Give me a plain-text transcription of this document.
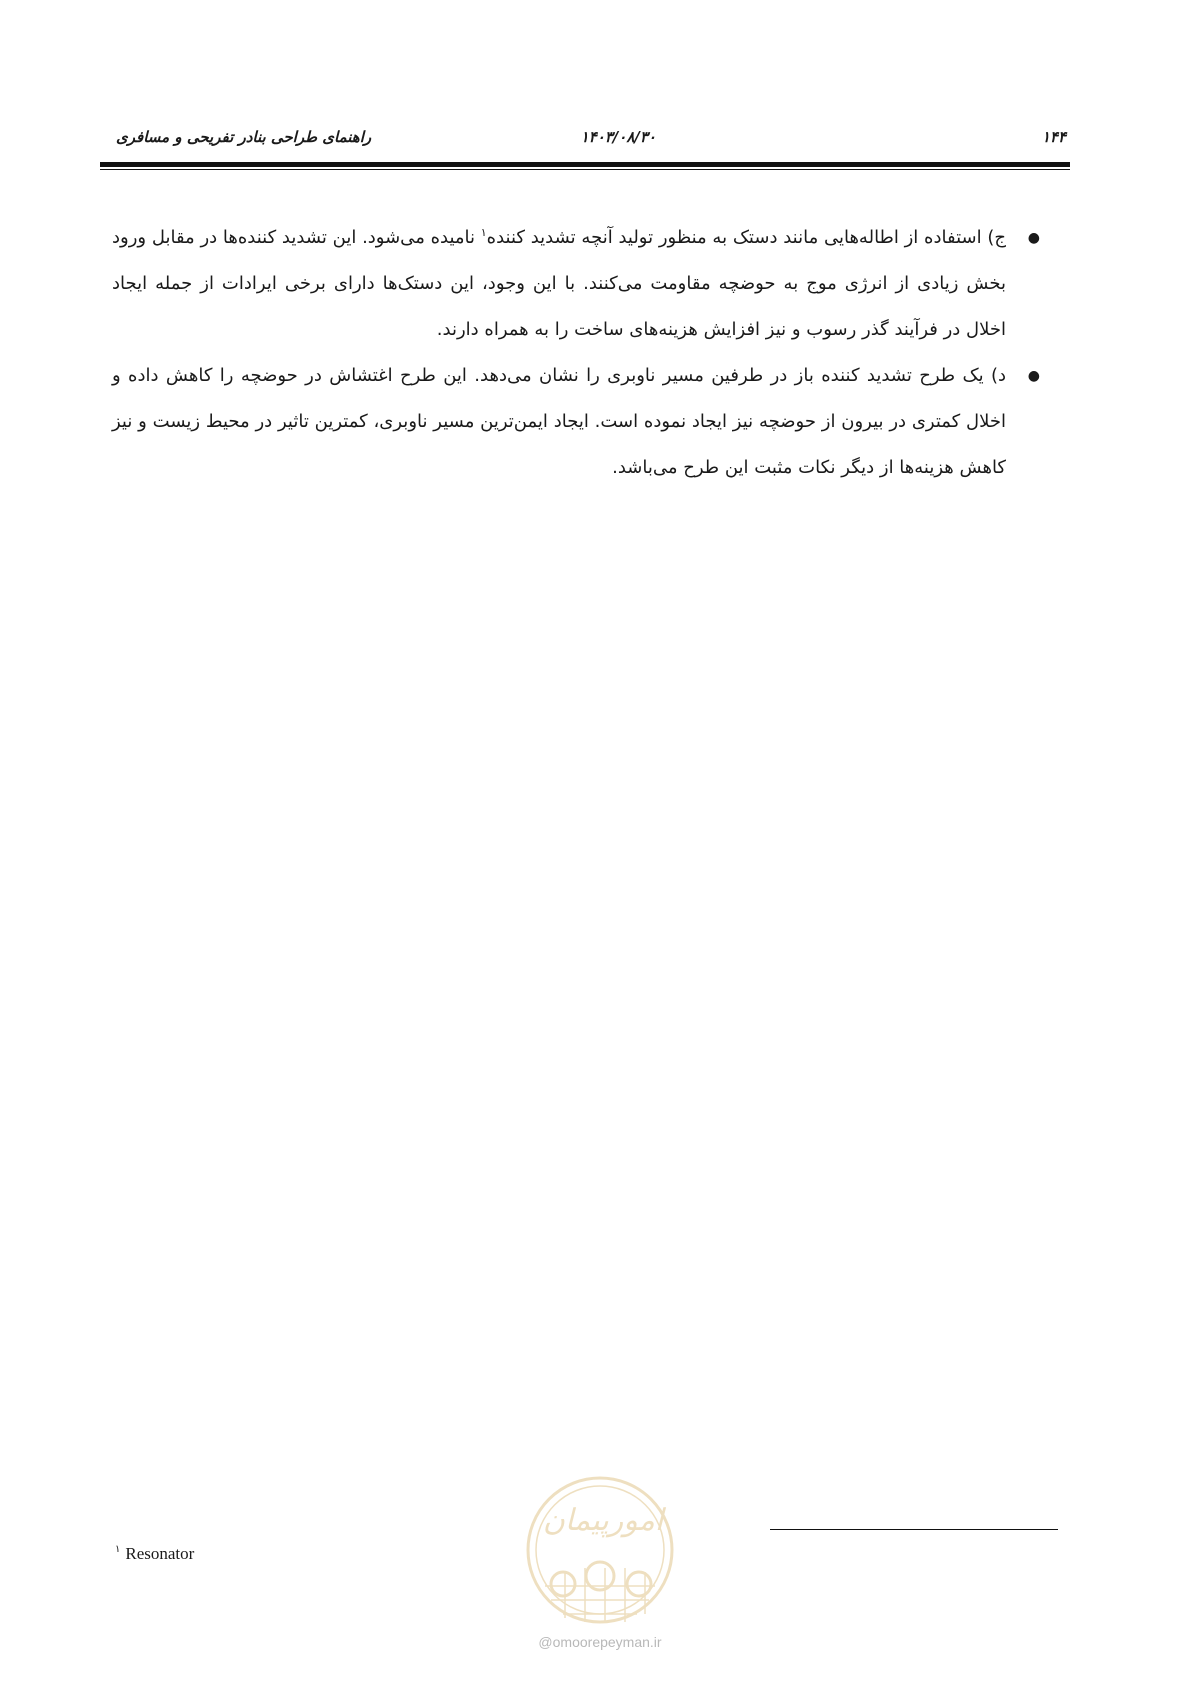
۱۴۴
۱۴۰۳/۰۸/۳۰
راهنمای طراحی بنادر تفریحی و مسافری
●
ج) استفاده از اطاله‌هایی مانند دستک به منظور تولید آنچه تشدید کننده$^۱$ نامیده می‌شود. این تشدید کننده‌ها در مقابل ورود بخش زیادی از انرژی موج به حوضچه مقاومت می‌کنند. با این وجود، این دستک‌ها دارای برخی ایرادات از جمله ایجاد اخلال در فرآیند گذر رسوب و نیز افزایش هزینه‌های ساخت را به همراه دارند.
●
د) یک طرح تشدید کننده باز در طرفین مسیر ناوبری را نشان می‌دهد. این طرح اغتشاش در حوضچه را کاهش داده و اخلال کمتری در بیرون از حوضچه نیز ایجاد نموده است. ایجاد ایمن‌ترین مسیر ناوبری، کمترین تاثیر در محیط زیست و نیز کاهش هزینه‌ها از دیگر نکات مثبت این طرح می‌باشد.
$^۱$ Resonator
امورپیمان
@omoorepeyman.ir
